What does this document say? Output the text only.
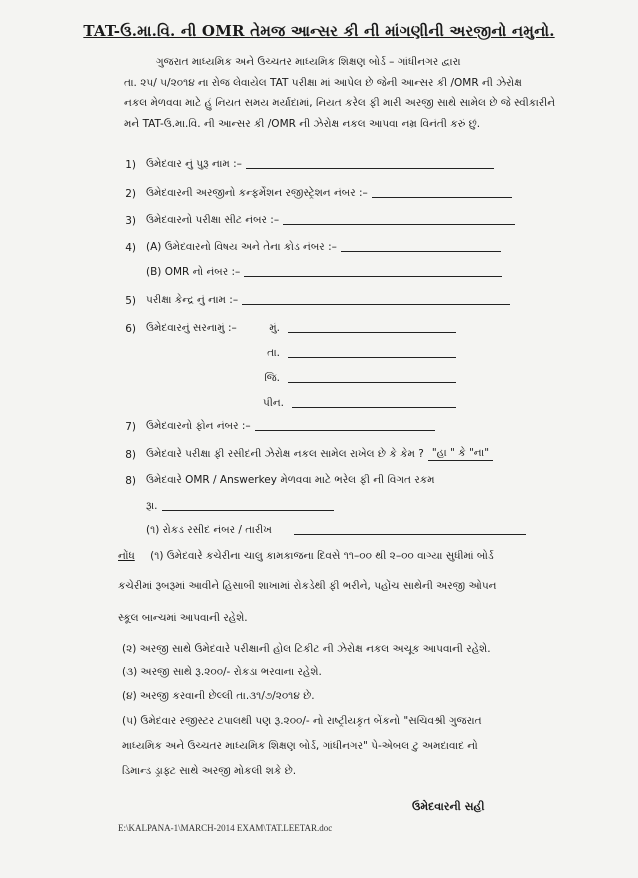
TAT-ઉ.મા.વિ. ની OMR તેમજ આન્સર કી ની માંગણીની અરજીનો નમુનો.

ગુજરાત માધ્યમિક અને ઉચ્ચતર માધ્યમિક શિક્ષણ બોર્ડ – ગાંધીનગર દ્વારા

તા. ૨૫/ ૫/૨૦૧૪ ના રોજ લેવાયેલ TAT પરીક્ષા માં આપેલ છે જેની આન્સર કી /OMR ની ઝેરોક્ષ

નકલ મેળવવા માટે હું નિયત સમય મર્યાદામાં, નિયત કરેલ ફી મારી અરજી સાથે સામેલ છે જે સ્વીકારીને

મને TAT-ઉ.મા.વિ. ની આન્સર કી /OMR ની ઝેરોક્ષ નકલ આપવા નમ્ર વિનંતી કરું છું.

1) ઉમેદવાર નું પુરૂ નામ :–
2) ઉમેદવારની અરજીનો કન્ફર્મેશન રજીસ્ટ્રેશન નંબર :–
3) ઉમેદવારનો પરીક્ષા સીટ નંબર :–
4) (A) ઉમેદવારનો વિષય અને તેના કોડ નંબર :–
(B) OMR નો નંબર :–
5) પરીક્ષા કેન્દ્ર નું નામ :–
6) ઉમેદવારનું સરનામું :–	મું.
તા.
જિ.
પીન.
7) ઉમેદવારનો ફોન નંબર :–
8) ઉમેદવારે પરીક્ષા ફી રસીદની ઝેરોક્ષ નકલ સામેલ રાખેલ છે કે કેમ ? "હા " કે "ના"
8) ઉમેદવારે OMR / Answerkey મેળવવા માટે ભરેલ ફી ની વિગત રકમ
રૂા.
(૧) રોકડ રસીદ નંબર / તારીખ
નોંધ (૧) ઉમેદવારે કચેરીના ચાલુ કામકાજના દિવસે ૧૧–૦૦ થી ૨–૦૦ વાગ્યા સુધીમાં બોર્ડ
કચેરીમાં રૂબરૂમાં આવીને હિસાબી શાખામાં રોકડેથી ફી ભરીને, પહોંચ સાથેની અરજી ઓપન
સ્કૂલ બાન્ચમાં આપવાની રહેશે.
(૨) અરજી સાથે ઉમેદવારે પરીક્ષાની હોલ ટિકીટ ની ઝેરોક્ષ નકલ અચૂક આપવાની રહેશે.
(૩) અરજી સાથે રૂ.૨૦૦/- રોકડા ભરવાના રહેશે.
(૪) અરજી કરવાની છેલ્લી તા.૩૧/૭/૨૦૧૪ છે.
(૫) ઉમેદવાર રજીસ્ટર ટપાલથી પણ રૂ.૨૦૦/- નો રાષ્ટ્રીયકૃત બેંકનો "સચિવશ્રી ગુજરાત
માધ્યમિક અને ઉચ્ચતર માધ્યમિક શિક્ષણ બોર્ડ, ગાંધીનગર" પે-એબલ ટુ અમદાવાદ નો
ડિમાન્ડ ડ્રાફ્ટ સાથે અરજી મોકલી શકે છે.
ઉમેદવારની સહી
E:\KALPANA-1\MARCH-2014 EXAM\TAT.LEETAR.doc
